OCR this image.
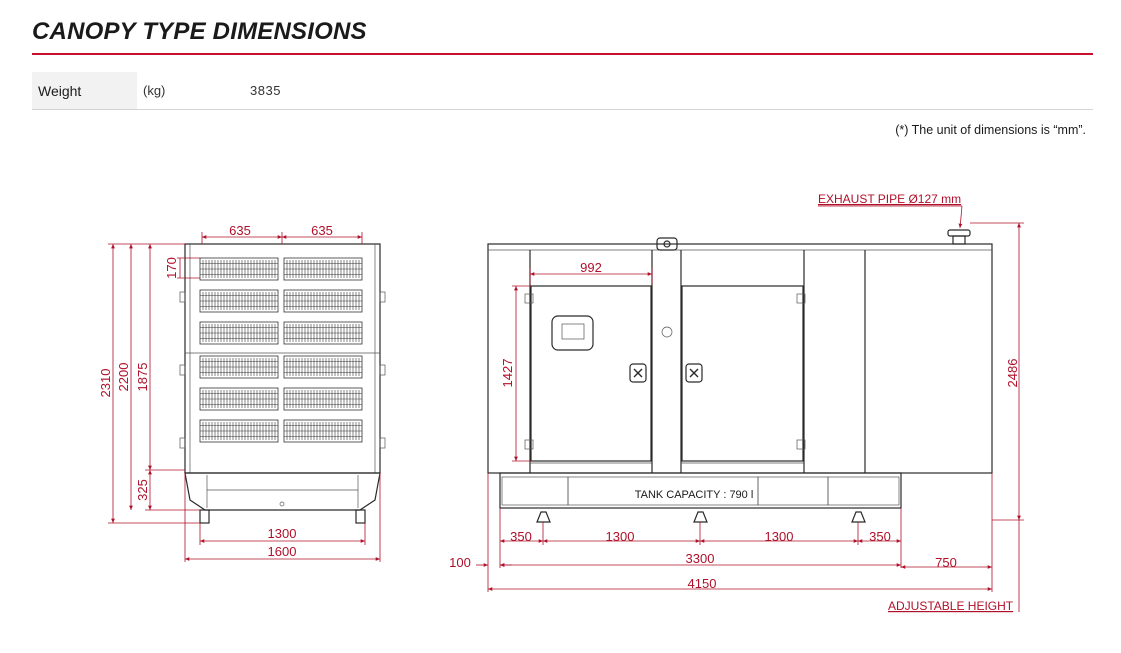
CANOPY TYPE DIMENSIONS
Weight	(kg)	3835
(*) The unit of dimensions is “mm”.
635	635
170
2310 2200 1875
325
1300
1600
EXHAUST PIPE Ø127 mm
TANK CAPACITY : 790 l
992
1427	2486
350	1300	1300	350
100	3300	750
4150
ADJUSTABLE HEIGHT
